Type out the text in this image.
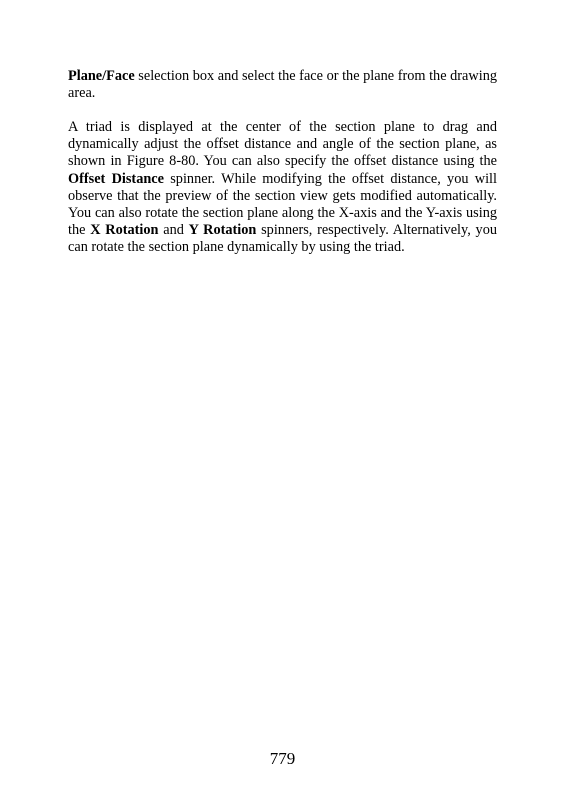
Plane/Face selection box and select the face or the plane from the drawing area.

A triad is displayed at the center of the section plane to drag and dynamically adjust the offset distance and angle of the section plane, as shown in Figure 8-80. You can also specify the offset distance using the Offset Distance spinner. While modifying the offset distance, you will observe that the preview of the section view gets modified automatically. You can also rotate the section plane along the X-axis and the Y-axis using the X Rotation and Y Rotation spinners, respectively. Alternatively, you can rotate the section plane dynamically by using the triad.

779
